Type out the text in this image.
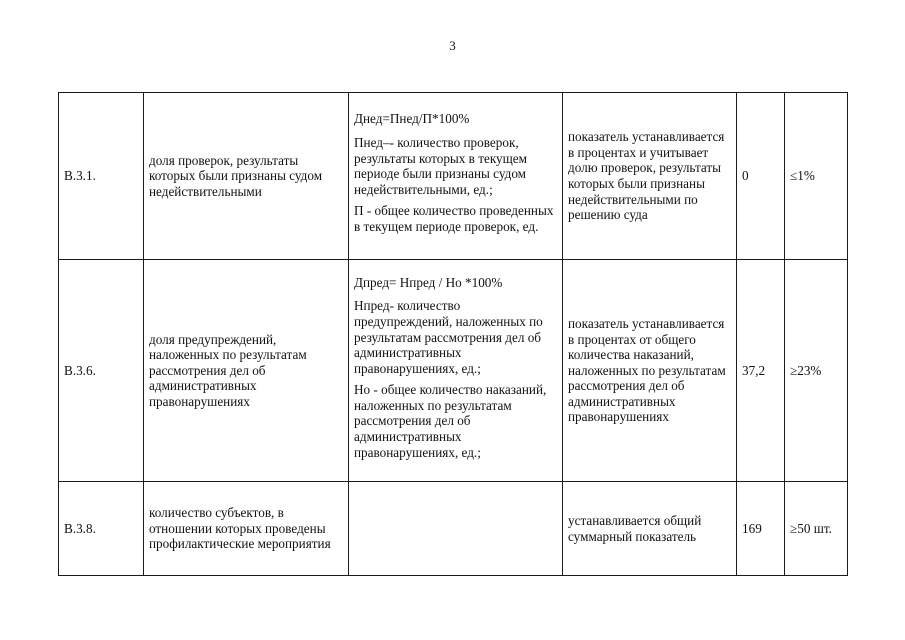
3
B.3.1.	доля проверок, результаты которых были признаны судом недействительными	Днед=Пнед/П*100%

Пнед–- количество проверок, результаты которых в текущем периоде были признаны судом недействительными, ед.;

П - общее количество проведенных в текущем периоде проверок, ед.	показатель устанавливается в процентах и учитывает долю проверок, результаты которых были признаны недействительными по решению суда	0	≤1%
B.3.6.	доля предупреждений, наложенных по результатам рассмотрения дел об административных правонарушениях	Дпред= Нпред / Но *100%

Нпред- количество предупреждений, наложенных по результатам рассмотрения дел об административных правонарушениях, ед.;

Но - общее количество наказаний, наложенных по результатам рассмотрения дел об административных правонарушениях, ед.;	показатель устанавливается в процентах от общего количества наказаний, наложенных по результатам рассмотрения дел об административных правонарушениях	37,2	≥23%
B.3.8.	количество субъектов, в отношении которых проведены профилактические мероприятия		устанавливается общий суммарный показатель	169	≥50 шт.
